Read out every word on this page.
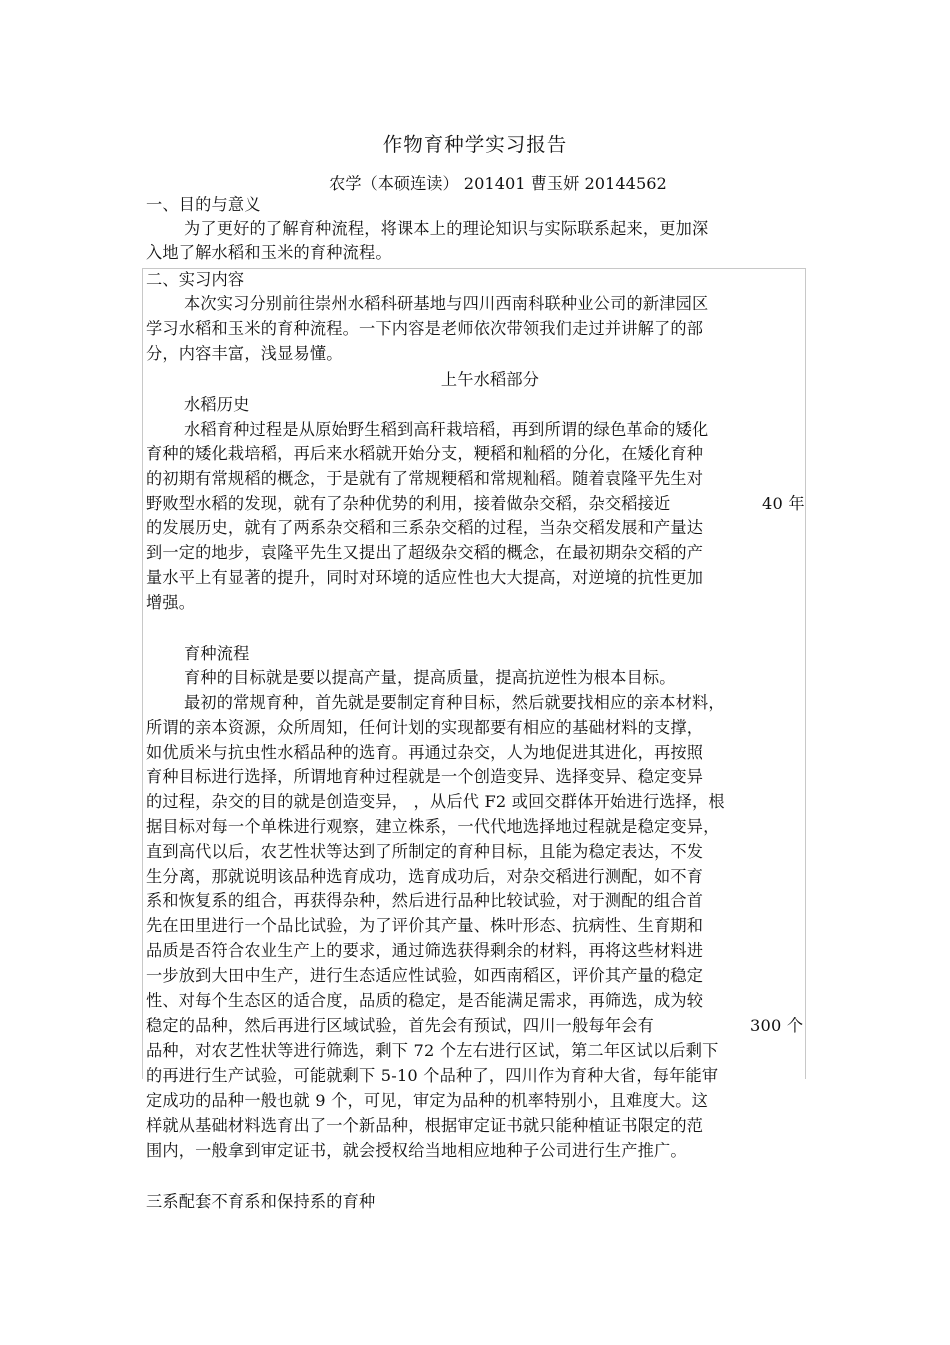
作物育种学实习报告
农学（本硕连读） 201401 曹玉妍 20144562
一、目的与意义
为了更好的了解育种流程，将课本上的理论知识与实际联系起来，更加深
入地了解水稻和玉米的育种流程。
二、实习内容
本次实习分别前往崇州水稻科研基地与四川西南科联种业公司的新津园区
学习水稻和玉米的育种流程。一下内容是老师依次带领我们走过并讲解了的部
分，内容丰富，浅显易懂。
上午水稻部分
水稻历史
水稻育种过程是从原始野生稻到高秆栽培稻，再到所谓的绿色革命的矮化
育种的矮化栽培稻，再后来水稻就开始分支，粳稻和籼稻的分化，在矮化育种
的初期有常规稻的概念，于是就有了常规粳稻和常规籼稻。随着袁隆平先生对
野败型水稻的发现，就有了杂种优势的利用，接着做杂交稻，杂交稻接近	40 年
的发展历史，就有了两系杂交稻和三系杂交稻的过程，当杂交稻发展和产量达
到一定的地步，袁隆平先生又提出了超级杂交稻的概念，在最初期杂交稻的产
量水平上有显著的提升，同时对环境的适应性也大大提高，对逆境的抗性更加
增强。
育种流程
育种的目标就是要以提高产量，提高质量，提高抗逆性为根本目标。
最初的常规育种，首先就是要制定育种目标，然后就要找相应的亲本材料，
所谓的亲本资源，众所周知，任何计划的实现都要有相应的基础材料的支撑，
如优质米与抗虫性水稻品种的选育。再通过杂交，人为地促进其进化，再按照
育种目标进行选择，所谓地育种过程就是一个创造变异、选择变异、稳定变异
的过程，杂交的目的就是创造变异， ，从后代 F2 或回交群体开始进行选择，根
据目标对每一个单株进行观察，建立株系，一代代地选择地过程就是稳定变异，
直到高代以后，农艺性状等达到了所制定的育种目标，且能为稳定表达，不发
生分离，那就说明该品种选育成功，选育成功后，对杂交稻进行测配，如不育
系和恢复系的组合，再获得杂种，然后进行品种比较试验，对于测配的组合首
先在田里进行一个品比试验，为了评价其产量、株叶形态、抗病性、生育期和
品质是否符合农业生产上的要求，通过筛选获得剩余的材料，再将这些材料进
一步放到大田中生产，进行生态适应性试验，如西南稻区，评价其产量的稳定
性、对每个生态区的适合度，品质的稳定，是否能满足需求，再筛选，成为较
稳定的品种，然后再进行区域试验，首先会有预试，四川一般每年会有	300 个
品种，对农艺性状等进行筛选，剩下 72 个左右进行区试，第二年区试以后剩下
的再进行生产试验，可能就剩下 5-10 个品种了，四川作为育种大省，每年能审
定成功的品种一般也就 9 个，可见，审定为品种的机率特别小，且难度大。这
样就从基础材料选育出了一个新品种，根据审定证书就只能种植证书限定的范
围内，一般拿到审定证书，就会授权给当地相应地种子公司进行生产推广。
三系配套不育系和保持系的育种
